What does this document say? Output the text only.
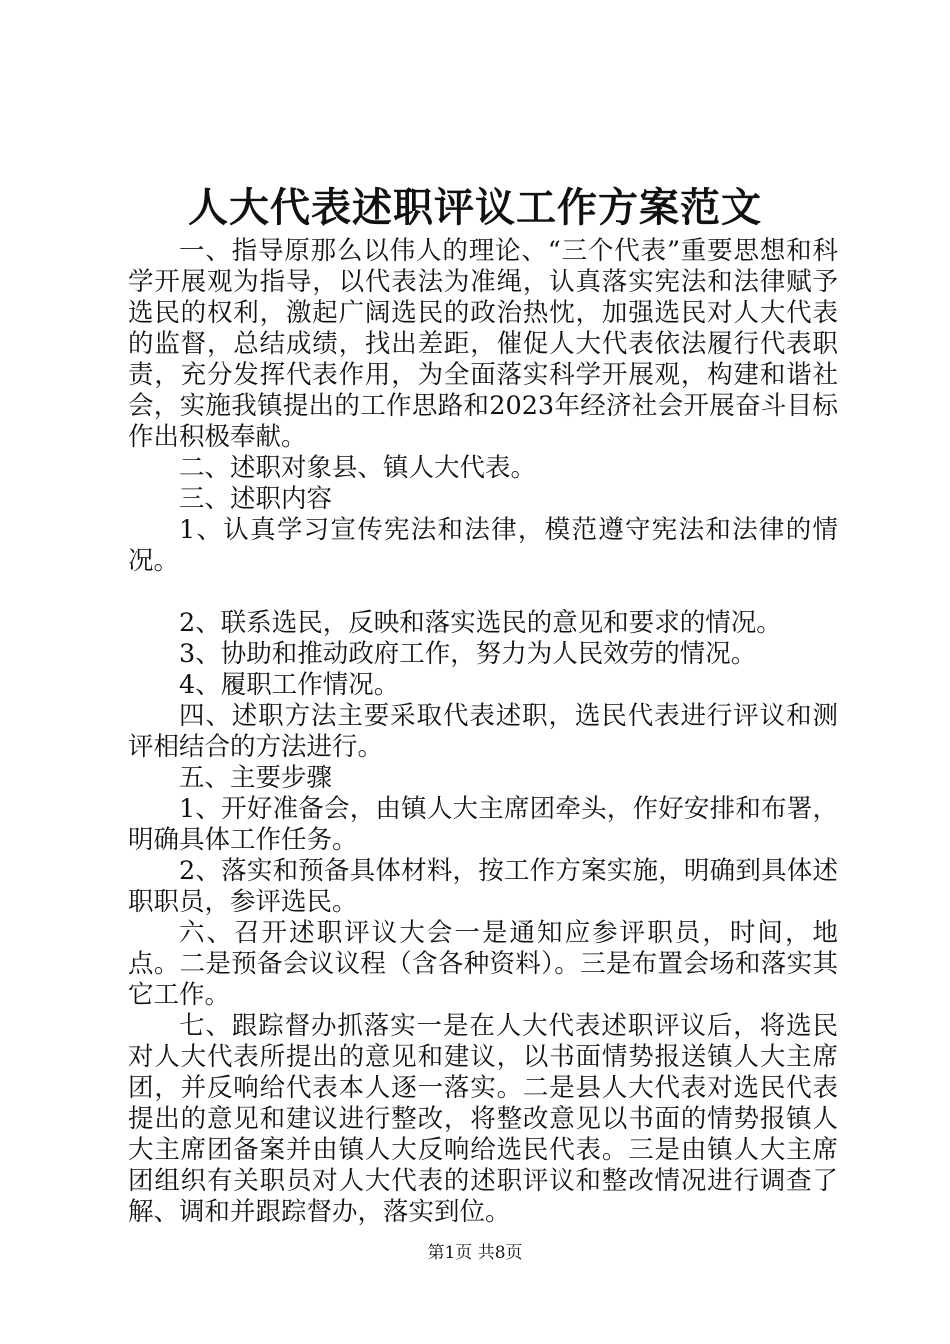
人大代表述职评议工作方案范文

一、指导原那么以伟人的理论、“三个代表”重要思想和科学开展观为指导，以代表法为准绳，认真落实宪法和法律赋予选民的权利，激起广阔选民的政治热忱，加强选民对人大代表的监督，总结成绩，找出差距，催促人大代表依法履行代表职责，充分发挥代表作用，为全面落实科学开展观，构建和谐社会，实施我镇提出的工作思路和2023年经济社会开展奋斗目标作出积极奉献。

二、述职对象县、镇人大代表。

三、述职内容

1、认真学习宣传宪法和法律，模范遵守宪法和法律的情况。

2、联系选民，反映和落实选民的意见和要求的情况。

3、协助和推动政府工作，努力为人民效劳的情况。

4、履职工作情况。

四、述职方法主要采取代表述职，选民代表进行评议和测评相结合的方法进行。

五、主要步骤

1、开好准备会，由镇人大主席团牵头，作好安排和布署，明确具体工作任务。

2、落实和预备具体材料，按工作方案实施，明确到具体述职职员，参评选民。

六、召开述职评议大会一是通知应参评职员，时间，地点。二是预备会议议程（含各种资料）。三是布置会场和落实其它工作。

七、跟踪督办抓落实一是在人大代表述职评议后，将选民对人大代表所提出的意见和建议，以书面情势报送镇人大主席团，并反响给代表本人逐一落实。二是县人大代表对选民代表提出的意见和建议进行整改，将整改意见以书面的情势报镇人大主席团备案并由镇人大反响给选民代表。三是由镇人大主席团组织有关职员对人大代表的述职评议和整改情况进行调查了解、调和并跟踪督办，落实到位。

第1页 共8页
